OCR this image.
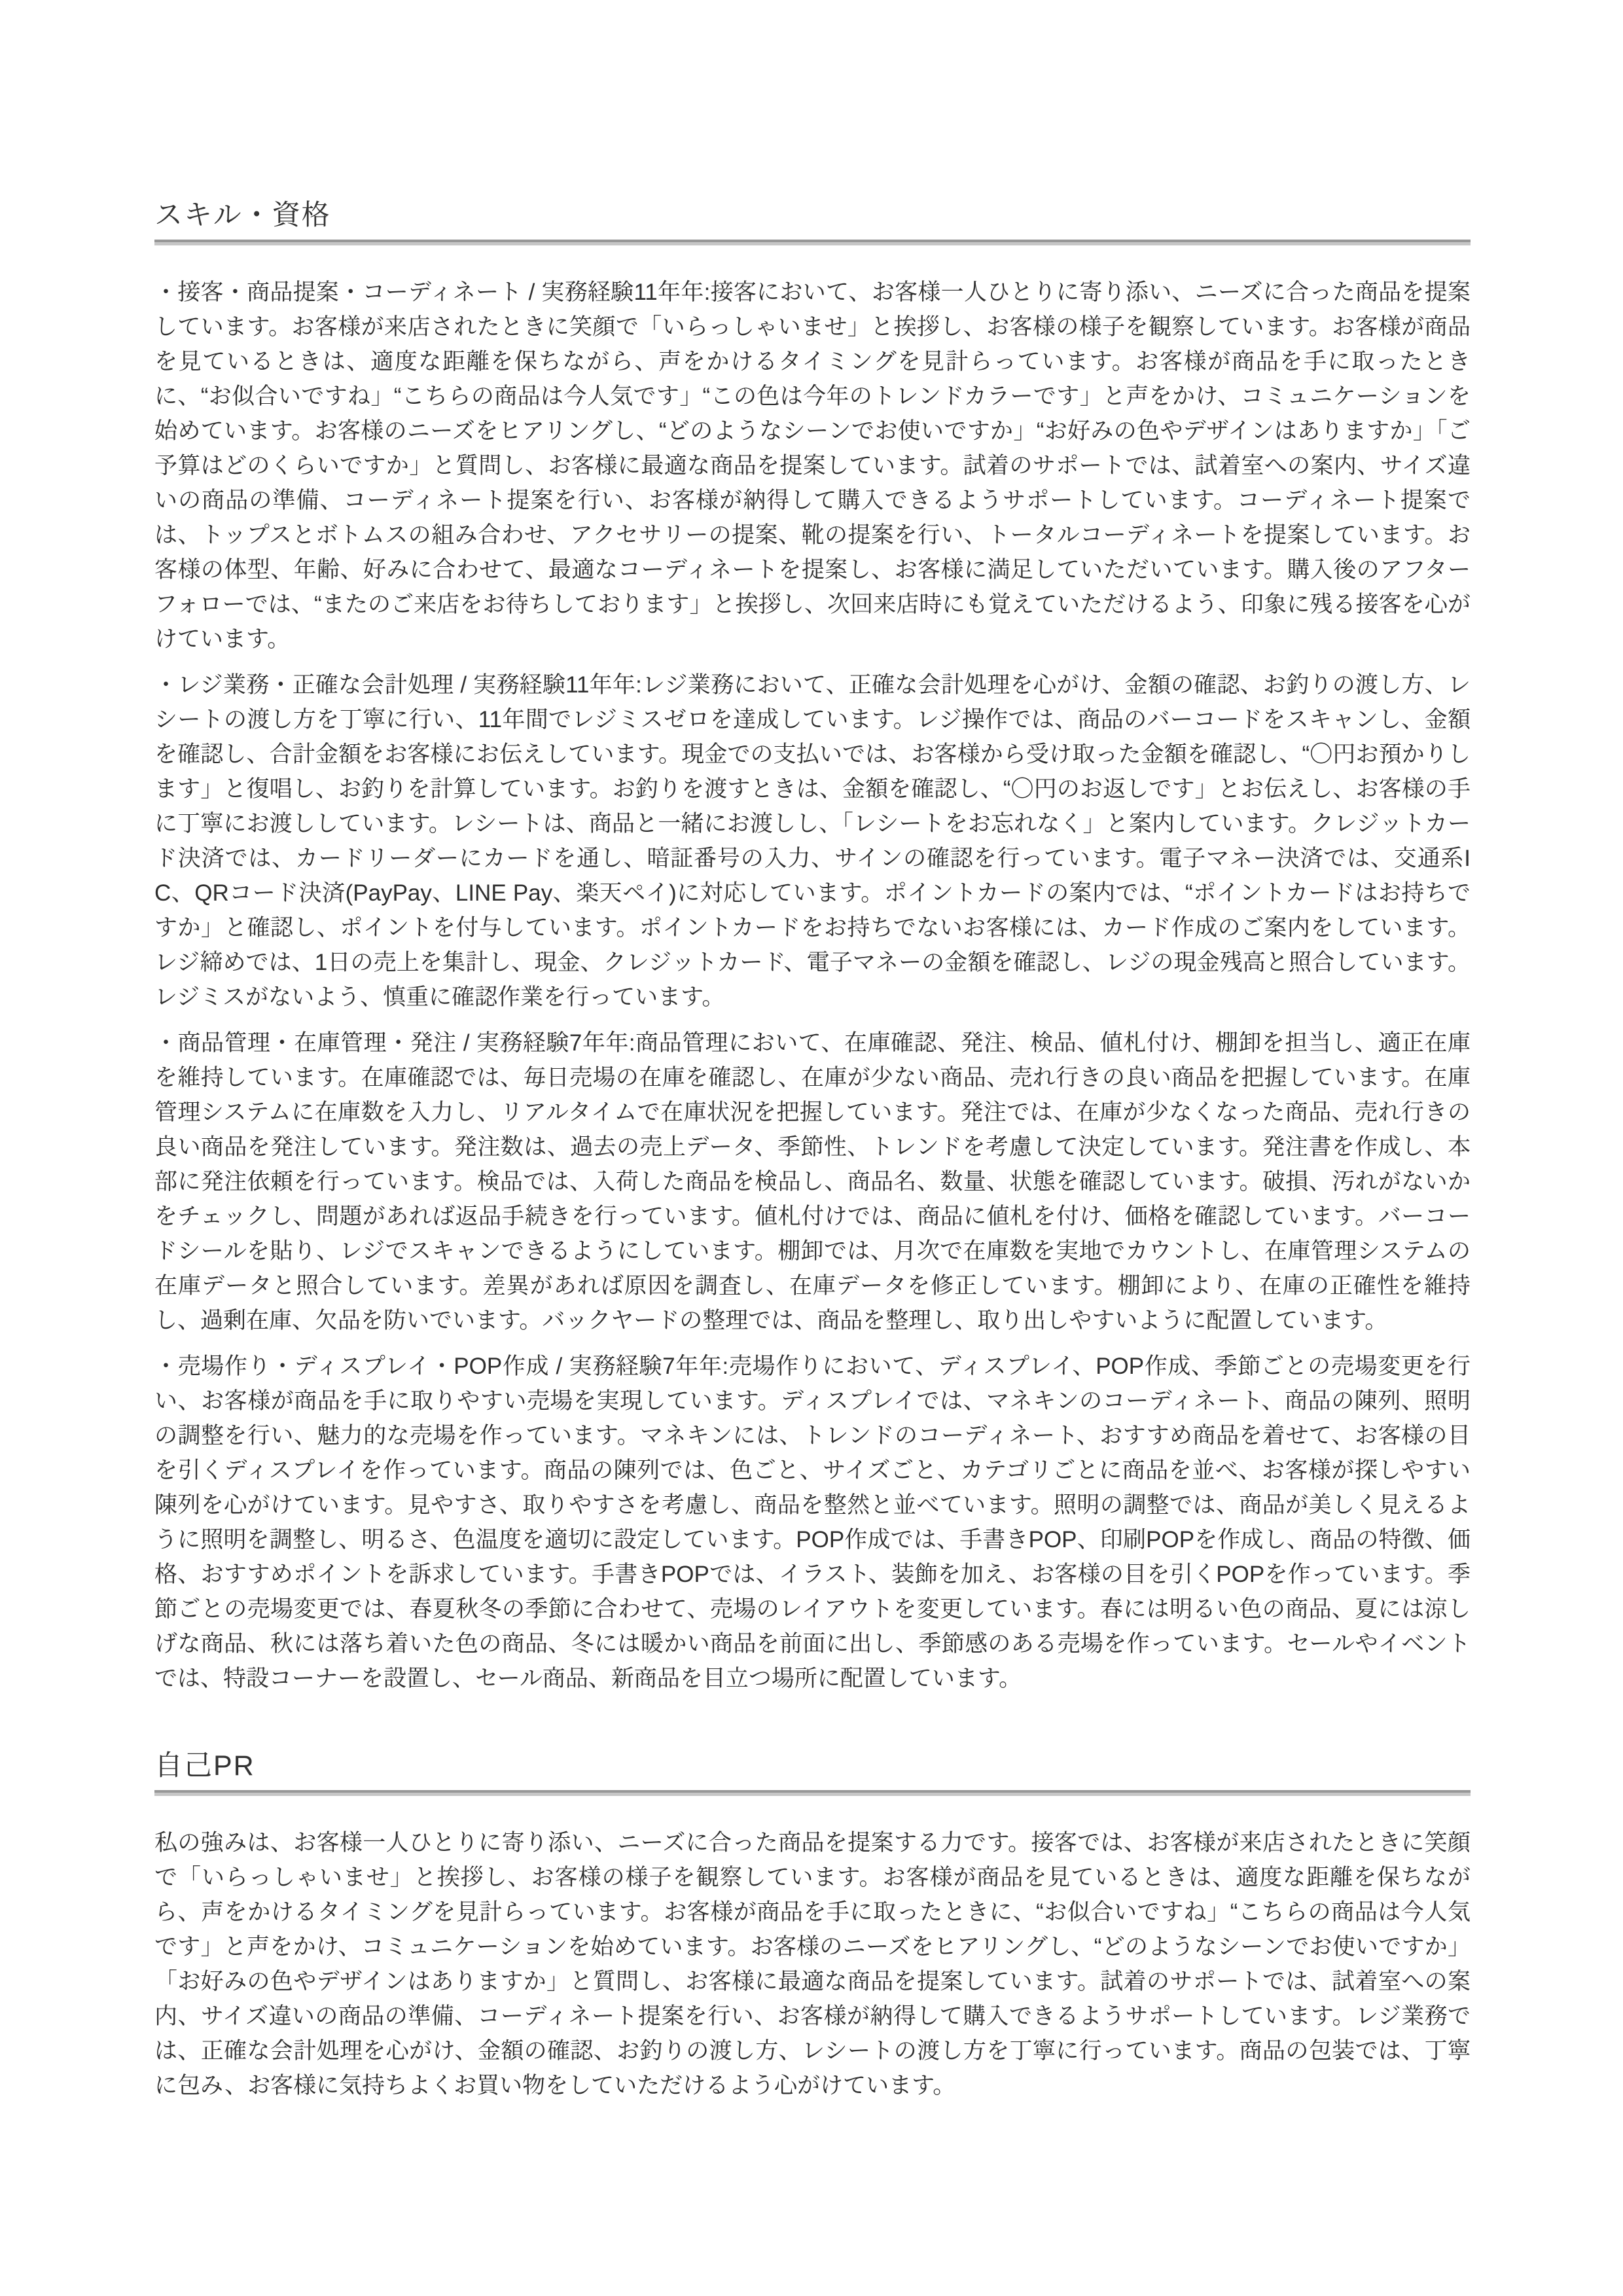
スキル・資格

・接客・商品提案・コーディネート / 実務経験11年年:接客において、お客様一人ひとりに寄り添い、ニーズに合った商品を提案しています。お客様が来店されたときに笑顔で「いらっしゃいませ」と挨拶し、お客様の様子を観察しています。お客様が商品を見ているときは、適度な距離を保ちながら、声をかけるタイミングを見計らっています。お客様が商品を手に取ったときに、“お似合いですね」“こちらの商品は今人気です」“この色は今年のトレンドカラーです」と声をかけ、コミュニケーションを始めています。お客様のニーズをヒアリングし、“どのようなシーンでお使いですか」“お好みの色やデザインはありますか」「ご予算はどのくらいですか」と質問し、お客様に最適な商品を提案しています。試着のサポートでは、試着室への案内、サイズ違いの商品の準備、コーディネート提案を行い、お客様が納得して購入できるようサポートしています。コーディネート提案では、トップスとボトムスの組み合わせ、アクセサリーの提案、靴の提案を行い、トータルコーディネートを提案しています。お客様の体型、年齢、好みに合わせて、最適なコーディネートを提案し、お客様に満足していただいています。購入後のアフターフォローでは、“またのご来店をお待ちしております」と挨拶し、次回来店時にも覚えていただけるよう、印象に残る接客を心がけています。

・レジ業務・正確な会計処理 / 実務経験11年年:レジ業務において、正確な会計処理を心がけ、金額の確認、お釣りの渡し方、レシートの渡し方を丁寧に行い、11年間でレジミスゼロを達成しています。レジ操作では、商品のバーコードをスキャンし、金額を確認し、合計金額をお客様にお伝えしています。現金での支払いでは、お客様から受け取った金額を確認し、“〇円お預かりします」と復唱し、お釣りを計算しています。お釣りを渡すときは、金額を確認し、“〇円のお返しです」とお伝えし、お客様の手に丁寧にお渡ししています。レシートは、商品と一緒にお渡しし、「レシートをお忘れなく」と案内しています。クレジットカード決済では、カードリーダーにカードを通し、暗証番号の入力、サインの確認を行っています。電子マネー決済では、交通系IC、QRコード決済(PayPay、LINE Pay、楽天ペイ)に対応しています。ポイントカードの案内では、“ポイントカードはお持ちですか」と確認し、ポイントを付与しています。ポイントカードをお持ちでないお客様には、カード作成のご案内をしています。レジ締めでは、1日の売上を集計し、現金、クレジットカード、電子マネーの金額を確認し、レジの現金残高と照合しています。レジミスがないよう、慎重に確認作業を行っています。

・商品管理・在庫管理・発注 / 実務経験7年年:商品管理において、在庫確認、発注、検品、値札付け、棚卸を担当し、適正在庫を維持しています。在庫確認では、毎日売場の在庫を確認し、在庫が少ない商品、売れ行きの良い商品を把握しています。在庫管理システムに在庫数を入力し、リアルタイムで在庫状況を把握しています。発注では、在庫が少なくなった商品、売れ行きの良い商品を発注しています。発注数は、過去の売上データ、季節性、トレンドを考慮して決定しています。発注書を作成し、本部に発注依頼を行っています。検品では、入荷した商品を検品し、商品名、数量、状態を確認しています。破損、汚れがないかをチェックし、問題があれば返品手続きを行っています。値札付けでは、商品に値札を付け、価格を確認しています。バーコードシールを貼り、レジでスキャンできるようにしています。棚卸では、月次で在庫数を実地でカウントし、在庫管理システムの在庫データと照合しています。差異があれば原因を調査し、在庫データを修正しています。棚卸により、在庫の正確性を維持し、過剰在庫、欠品を防いでいます。バックヤードの整理では、商品を整理し、取り出しやすいように配置しています。

・売場作り・ディスプレイ・POP作成 / 実務経験7年年:売場作りにおいて、ディスプレイ、POP作成、季節ごとの売場変更を行い、お客様が商品を手に取りやすい売場を実現しています。ディスプレイでは、マネキンのコーディネート、商品の陳列、照明の調整を行い、魅力的な売場を作っています。マネキンには、トレンドのコーディネート、おすすめ商品を着せて、お客様の目を引くディスプレイを作っています。商品の陳列では、色ごと、サイズごと、カテゴリごとに商品を並べ、お客様が探しやすい陳列を心がけています。見やすさ、取りやすさを考慮し、商品を整然と並べています。照明の調整では、商品が美しく見えるように照明を調整し、明るさ、色温度を適切に設定しています。POP作成では、手書きPOP、印刷POPを作成し、商品の特徴、価格、おすすめポイントを訴求しています。手書きPOPでは、イラスト、装飾を加え、お客様の目を引くPOPを作っています。季節ごとの売場変更では、春夏秋冬の季節に合わせて、売場のレイアウトを変更しています。春には明るい色の商品、夏には涼しげな商品、秋には落ち着いた色の商品、冬には暖かい商品を前面に出し、季節感のある売場を作っています。セールやイベントでは、特設コーナーを設置し、セール商品、新商品を目立つ場所に配置しています。

自己PR

私の強みは、お客様一人ひとりに寄り添い、ニーズに合った商品を提案する力です。接客では、お客様が来店されたときに笑顔で「いらっしゃいませ」と挨拶し、お客様の様子を観察しています。お客様が商品を見ているときは、適度な距離を保ちながら、声をかけるタイミングを見計らっています。お客様が商品を手に取ったときに、“お似合いですね」“こちらの商品は今人気です」と声をかけ、コミュニケーションを始めています。お客様のニーズをヒアリングし、“どのようなシーンでお使いですか」「お好みの色やデザインはありますか」と質問し、お客様に最適な商品を提案しています。試着のサポートでは、試着室への案内、サイズ違いの商品の準備、コーディネート提案を行い、お客様が納得して購入できるようサポートしています。レジ業務では、正確な会計処理を心がけ、金額の確認、お釣りの渡し方、レシートの渡し方を丁寧に行っています。商品の包装では、丁寧に包み、お客様に気持ちよくお買い物をしていただけるよう心がけています。
